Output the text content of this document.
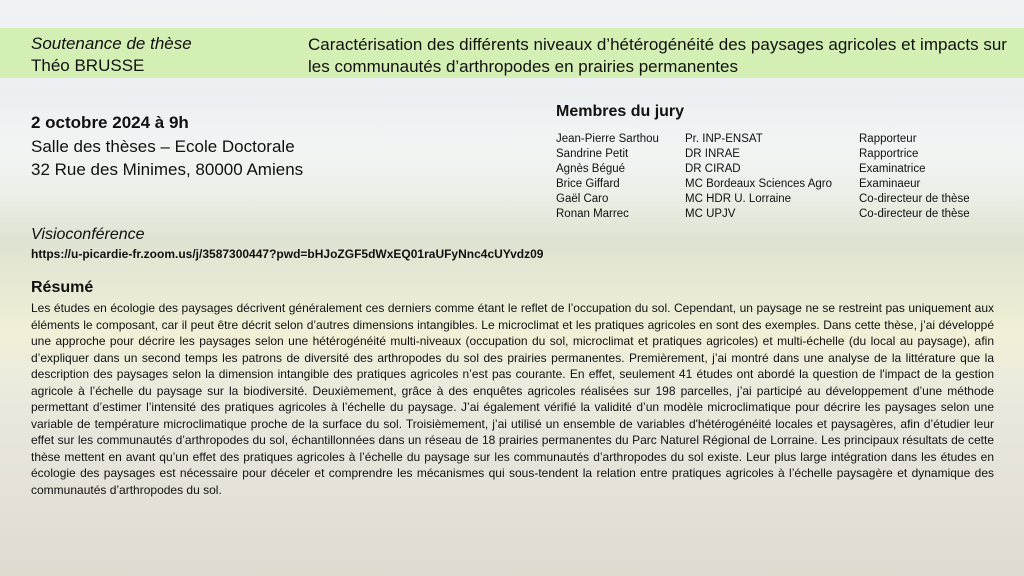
Soutenance de thèse
Théo BRUSSE
Caractérisation des différents niveaux d’hétérogénéité des paysages agricoles et impacts sur les communautés d’arthropodes en prairies permanentes
2 octobre 2024 à 9h
Salle des thèses – Ecole Doctorale
32 Rue des Minimes, 80000 Amiens
Membres du jury
Jean-Pierre Sarthou	Pr. INP-ENSAT	Rapporteur
Sandrine Petit	DR INRAE	Rapportrice
Agnès Bégué	DR CIRAD	Examinatrice
Brice Giffard	MC Bordeaux Sciences Agro	Examinaeur
Gaël Caro	MC HDR U. Lorraine	Co-directeur de thèse
Ronan Marrec	MC UPJV	Co-directeur de thèse
Visioconférence
https://u-picardie-fr.zoom.us/j/3587300447?pwd=bHJoZGF5dWxEQ01raUFyNnc4cUYvdz09
Résumé

Les études en écologie des paysages décrivent généralement ces derniers comme étant le reflet de l’occupation du sol. Cependant, un paysage ne se restreint pas uniquement aux éléments le composant, car il peut être décrit selon d’autres dimensions intangibles. Le microclimat et les pratiques agricoles en sont des exemples. Dans cette thèse, j’ai développé une approche pour décrire les paysages selon une hétérogénéité multi-niveaux (occupation du sol, microclimat et pratiques agricoles) et multi-échelle (du local au paysage), afin d’expliquer dans un second temps les patrons de diversité des arthropodes du sol des prairies permanentes. Premièrement, j’ai montré dans une analyse de la littérature que la description des paysages selon la dimension intangible des pratiques agricoles n’est pas courante. En effet, seulement 41 études ont abordé la question de l'impact de la gestion agricole à l’échelle du paysage sur la biodiversité. Deuxièmement, grâce à des enquêtes agricoles réalisées sur 198 parcelles, j’ai participé au développement d’une méthode permettant d’estimer l’intensité des pratiques agricoles à l’échelle du paysage. J’ai également vérifié la validité d’un modèle microclimatique pour décrire les paysages selon une variable de température microclimatique proche de la surface du sol. Troisièmement, j’ai utilisé un ensemble de variables d'hétérogénéité locales et paysagères, afin d’étudier leur effet sur les communautés d’arthropodes du sol, échantillonnées dans un réseau de 18 prairies permanentes du Parc Naturel Régional de Lorraine. Les principaux résultats de cette thèse mettent en avant qu’un effet des pratiques agricoles à l’échelle du paysage sur les communautés d’arthropodes du sol existe. Leur plus large intégration dans les études en écologie des paysages est nécessaire pour déceler et comprendre les mécanismes qui sous-tendent la relation entre pratiques agricoles à l’échelle paysagère et dynamique des communautés d’arthropodes du sol.
